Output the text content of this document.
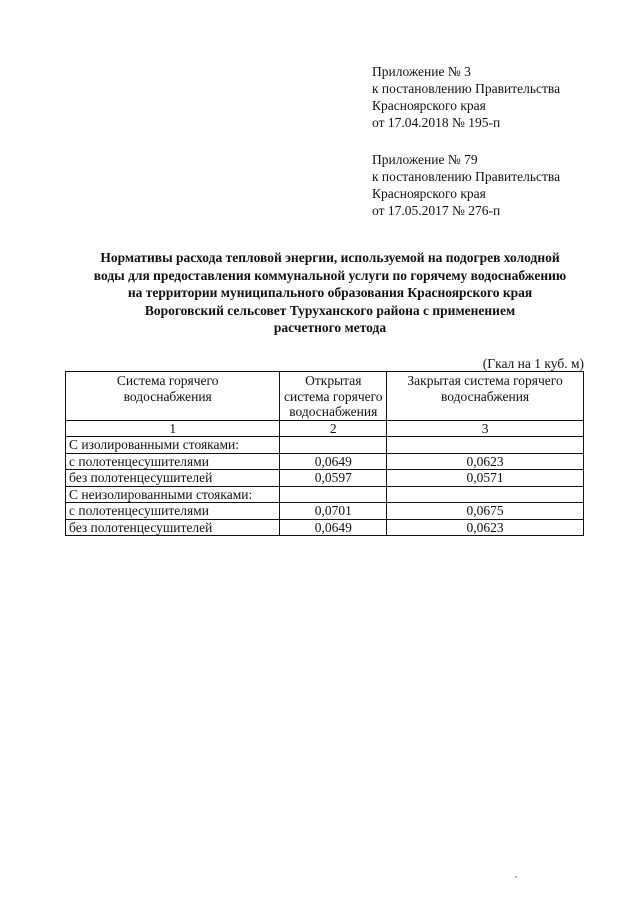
Приложение № 3
к постановлению Правительства
Красноярского края
от 17.04.2018 № 195-п
Приложение № 79
к постановлению Правительства
Красноярского края
от 17.05.2017 № 276-п
Нормативы расхода тепловой энергии, используемой на подогрев холодной
воды для предоставления коммунальной услуги по горячему водоснабжению
на территории муниципального образования Красноярского края
Вороговский сельсовет Туруханского района с применением
расчетного метода
(Гкал на 1 куб. м)
Система горячего водоснабжения	Открытая система горячего водоснабжения	Закрытая система горячего водоснабжения

1	2	3
С изолированными стояками:		
с полотенцесушителями	0,0649	0,0623
без полотенцесушителей	0,0597	0,0571
С неизолированными стояками:		
с полотенцесушителями	0,0701	0,0675
без полотенцесушителей	0,0649	0,0623
